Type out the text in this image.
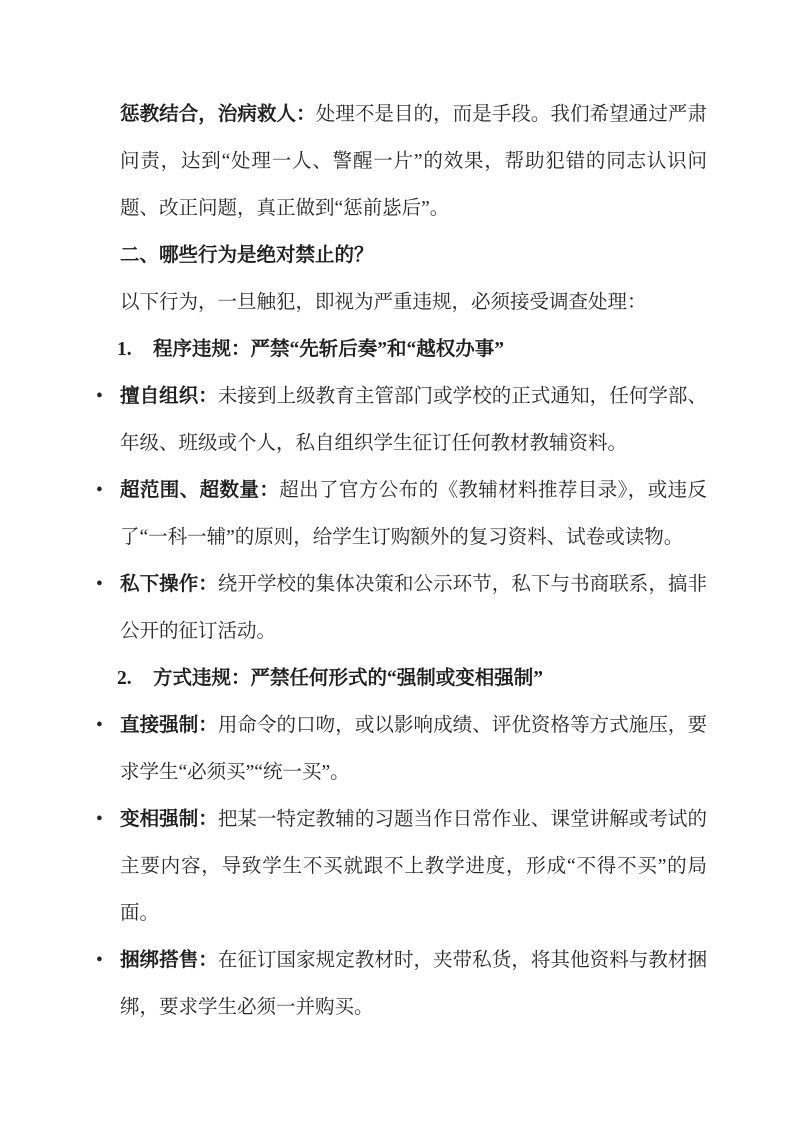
惩教结合，治病救人：处理不是目的，而是手段。我们希望通过严肃问责，达到“处理一人、警醒一片”的效果，帮助犯错的同志认识问题、改正问题，真正做到“惩前毖后”。

二、哪些行为是绝对禁止的？

以下行为，一旦触犯，即视为严重违规，必须接受调查处理：

1.	程序违规：严禁“先斩后奏”和“越权办事”
• 擅自组织：未接到上级教育主管部门或学校的正式通知，任何学部、年级、班级或个人，私自组织学生征订任何教材教辅资料。

• 超范围、超数量：超出了官方公布的《教辅材料推荐目录》，或违反了“一科一辅”的原则，给学生订购额外的复习资料、试卷或读物。

• 私下操作：绕开学校的集体决策和公示环节，私下与书商联系，搞非公开的征订活动。

2.	方式违规：严禁任何形式的“强制或变相强制”
• 直接强制：用命令的口吻，或以影响成绩、评优资格等方式施压，要求学生“必须买”“统一买”。

• 变相强制：把某一特定教辅的习题当作日常作业、课堂讲解或考试的主要内容，导致学生不买就跟不上教学进度，形成“不得不买”的局面。

• 捆绑搭售：在征订国家规定教材时，夹带私货，将其他资料与教材捆绑，要求学生必须一并购买。
